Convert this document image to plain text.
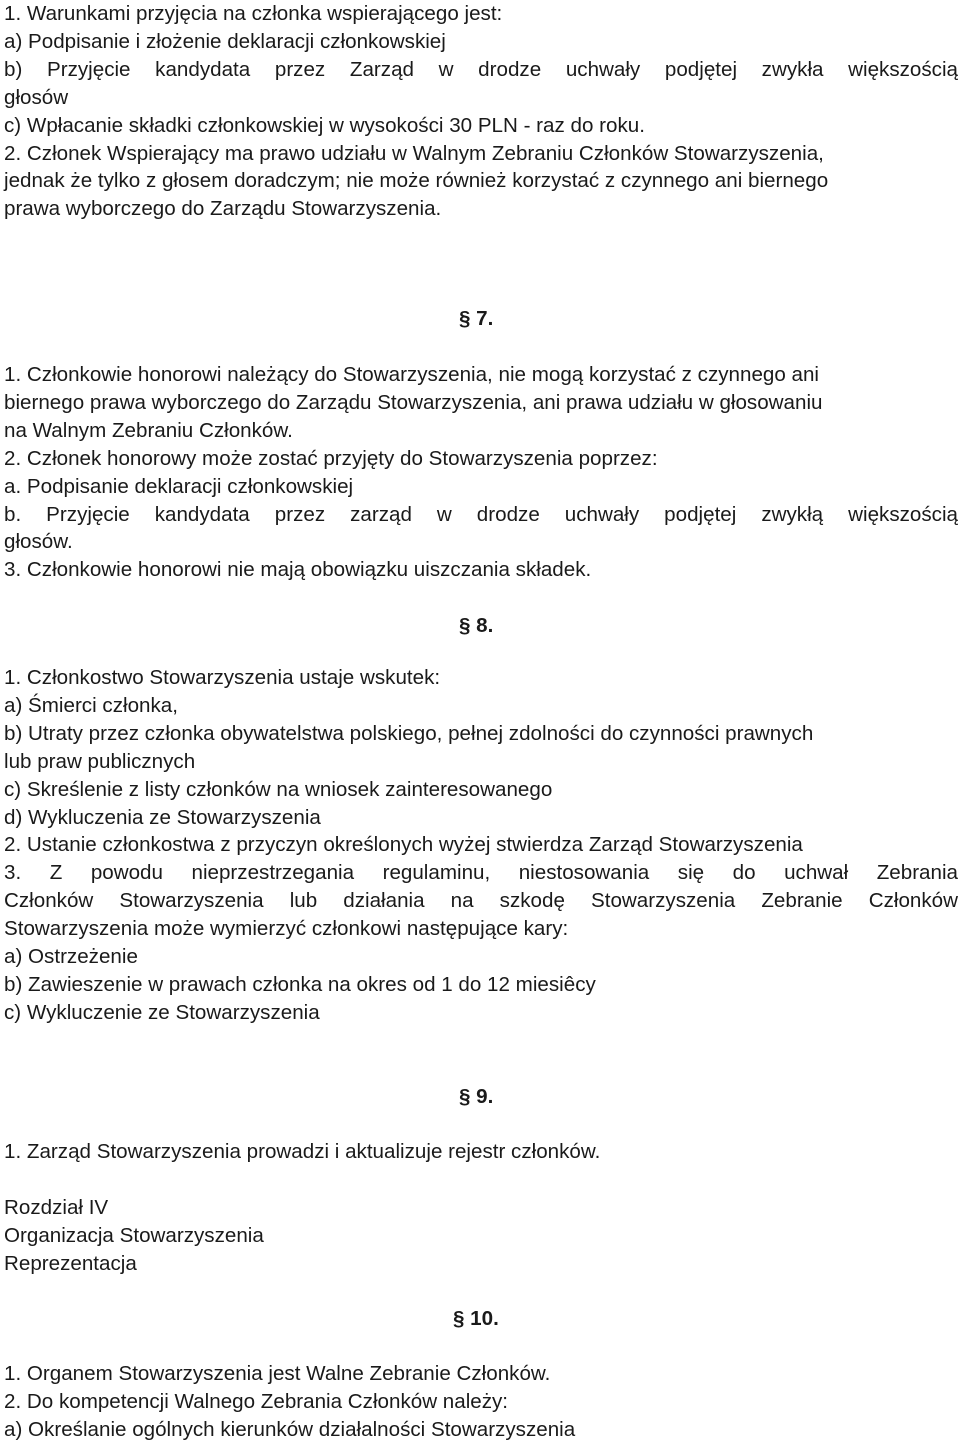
1. Warunkami przyjęcia na członka wspierającego jest:
a) Podpisanie i złożenie deklaracji członkowskiej
b) Przyjęcie kandydata przez Zarząd w drodze uchwały podjętej zwykła większością
głosów
c) Wpłacanie składki członkowskiej w wysokości 30 PLN - raz do roku.
2. Członek Wspierający ma prawo udziału w Walnym Zebraniu Członków Stowarzyszenia,
jednak że tylko z głosem doradczym; nie może również korzystać z czynnego ani biernego
prawa wyborczego do Zarządu Stowarzyszenia.
§ 7.
1. Członkowie honorowi należący do Stowarzyszenia, nie mogą korzystać z czynnego ani
biernego prawa wyborczego do Zarządu Stowarzyszenia, ani prawa udziału w głosowaniu
na Walnym Zebraniu Członków.
2. Członek honorowy może zostać przyjęty do Stowarzyszenia poprzez:
a. Podpisanie deklaracji członkowskiej
b. Przyjęcie kandydata przez zarząd w drodze uchwały podjętej zwykłą większością
głosów.
3. Członkowie honorowi nie mają obowiązku uiszczania składek.
§ 8.
1. Członkostwo Stowarzyszenia ustaje wskutek:
a) Śmierci członka,
b) Utraty przez członka obywatelstwa polskiego, pełnej zdolności do czynności prawnych
lub praw publicznych
c) Skreślenie z listy członków na wniosek zainteresowanego
d) Wykluczenia ze Stowarzyszenia
2. Ustanie członkostwa z przyczyn określonych wyżej stwierdza Zarząd Stowarzyszenia
3. Z powodu nieprzestrzegania regulaminu, niestosowania się do uchwał Zebrania
Członków Stowarzyszenia lub działania na szkodę Stowarzyszenia Zebranie Członków
Stowarzyszenia może wymierzyć członkowi następujące kary:
a) Ostrzeżenie
b) Zawieszenie w prawach członka na okres od 1 do 12 miesiêcy
c) Wykluczenie ze Stowarzyszenia
§ 9.
1. Zarząd Stowarzyszenia prowadzi i aktualizuje rejestr członków.
Rozdział IV
Organizacja Stowarzyszenia
Reprezentacja
§ 10.
1. Organem Stowarzyszenia jest Walne Zebranie Członków.
2. Do kompetencji Walnego Zebrania Członków należy:
a) Określanie ogólnych kierunków działalności Stowarzyszenia
